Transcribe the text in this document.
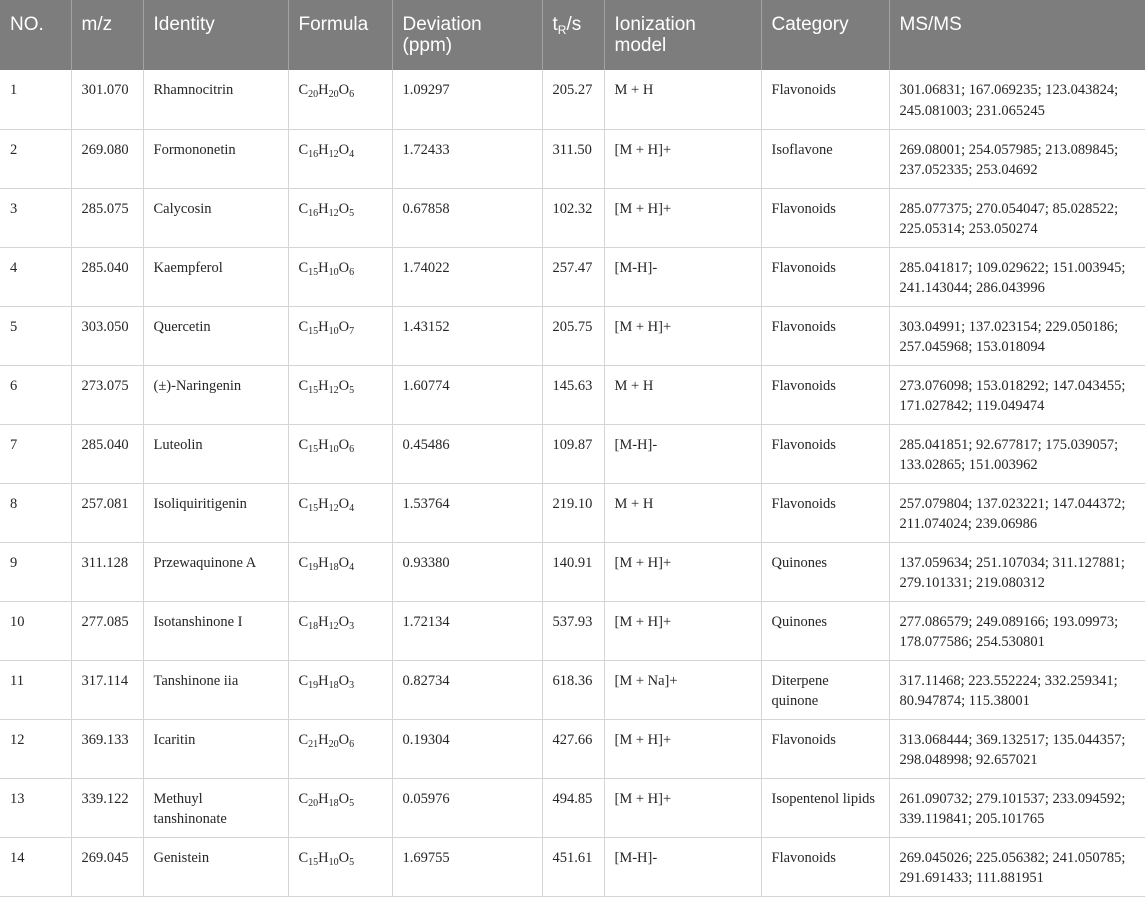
NO.	m/z	Identity	Formula	Deviation (ppm)	$t_R/s$	Ionization model	Category	MS/MS
1	301.070	Rhamnocitrin	$C_{20}H_{20}O_6$	1.09297	205.27	M + H	Flavonoids	301.06831; 167.069235; 123.043824; 245.081003; 231.065245
2	269.080	Formononetin	$C_{16}H_{12}O_4$	1.72433	311.50	[M + H]+	Isoflavone	269.08001; 254.057985; 213.089845; 237.052335; 253.04692
3	285.075	Calycosin	$C_{16}H_{12}O_5$	0.67858	102.32	[M + H]+	Flavonoids	285.077375; 270.054047; 85.028522; 225.05314; 253.050274
4	285.040	Kaempferol	$C_{15}H_{10}O_6$	1.74022	257.47	[M-H]-	Flavonoids	285.041817; 109.029622; 151.003945; 241.143044; 286.043996
5	303.050	Quercetin	$C_{15}H_{10}O_7$	1.43152	205.75	[M + H]+	Flavonoids	303.04991; 137.023154; 229.050186; 257.045968; 153.018094
6	273.075	(±)-Naringenin	$C_{15}H_{12}O_5$	1.60774	145.63	M + H	Flavonoids	273.076098; 153.018292; 147.043455; 171.027842; 119.049474
7	285.040	Luteolin	$C_{15}H_{10}O_6$	0.45486	109.87	[M-H]-	Flavonoids	285.041851; 92.677817; 175.039057; 133.02865; 151.003962
8	257.081	Isoliquiritigenin	$C_{15}H_{12}O_4$	1.53764	219.10	M + H	Flavonoids	257.079804; 137.023221; 147.044372; 211.074024; 239.06986
9	311.128	Przewaquinone A	$C_{19}H_{18}O_4$	0.93380	140.91	[M + H]+	Quinones	137.059634; 251.107034; 311.127881; 279.101331; 219.080312
10	277.085	Isotanshinone I	$C_{18}H_{12}O_3$	1.72134	537.93	[M + H]+	Quinones	277.086579; 249.089166; 193.09973; 178.077586; 254.530801
11	317.114	Tanshinone iia	$C_{19}H_{18}O_3$	0.82734	618.36	[M + Na]+	Diterpene quinone	317.11468; 223.552224; 332.259341; 80.947874; 115.38001
12	369.133	Icaritin	$C_{21}H_{20}O_6$	0.19304	427.66	[M + H]+	Flavonoids	313.068444; 369.132517; 135.044357; 298.048998; 92.657021
13	339.122	Methuyl tanshinonate	$C_{20}H_{18}O_5$	0.05976	494.85	[M + H]+	Isopentenol lipids	261.090732; 279.101537; 233.094592; 339.119841; 205.101765
14	269.045	Genistein	$C_{15}H_{10}O_5$	1.69755	451.61	[M-H]-	Flavonoids	269.045026; 225.056382; 241.050785; 291.691433; 111.881951
